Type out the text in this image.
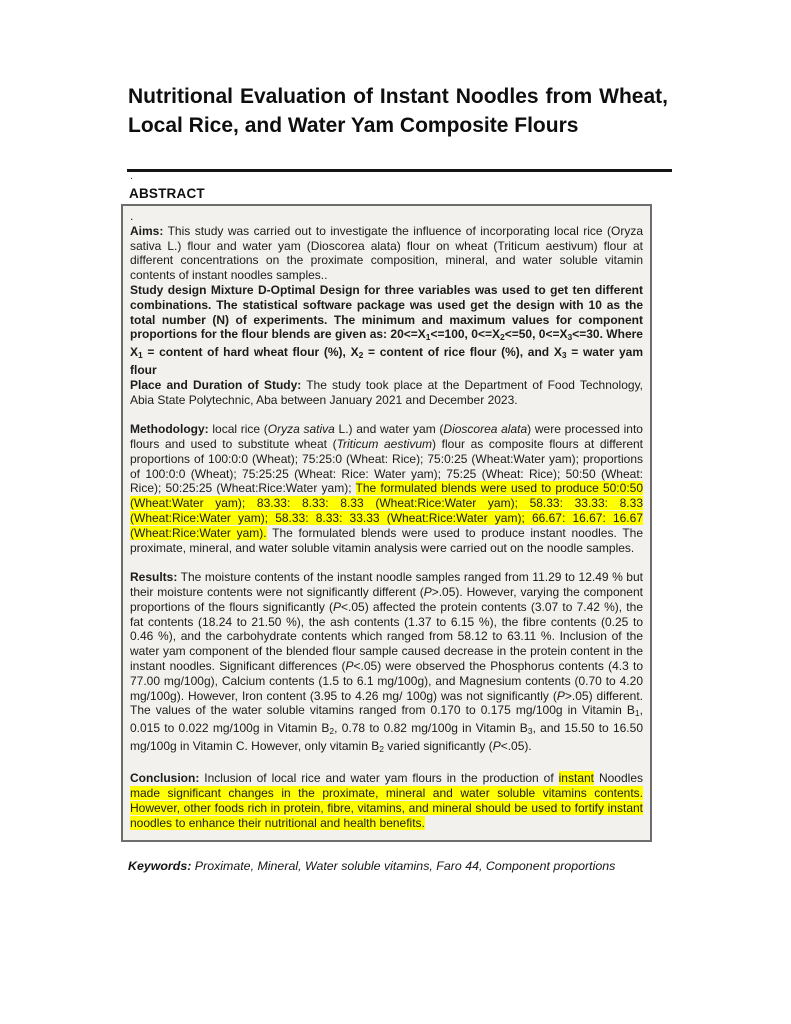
Nutritional Evaluation of Instant Noodles from Wheat, Local Rice, and Water Yam Composite Flours
.
ABSTRACT
.
Aims: This study was carried out to investigate the influence of incorporating local rice (Oryza sativa L.) flour and water yam (Dioscorea alata) flour on wheat (Triticum aestivum) flour at different concentrations on the proximate composition, mineral, and water soluble vitamin contents of instant noodles samples..
Study design Mixture D-Optimal Design for three variables was used to get ten different combinations. The statistical software package was used get the design with 10 as the total number (N) of experiments. The minimum and maximum values for component proportions for the flour blends are given as: 20<=X1<=100, 0<=X2<=50, 0<=X3<=30. Where X1 = content of hard wheat flour (%), X2 = content of rice flour (%), and X3 = water yam flour
Place and Duration of Study: The study took place at the Department of Food Technology, Abia State Polytechnic, Aba between January 2021 and December 2023.
Methodology: local rice (Oryza sativa L.) and water yam (Dioscorea alata) were processed into flours and used to substitute wheat (Triticum aestivum) flour as composite flours at different proportions of 100:0:0 (Wheat); 75:25:0 (Wheat: Rice); 75:0:25 (Wheat:Water yam); proportions of 100:0:0 (Wheat); 75:25:25 (Wheat: Rice: Water yam); 75:25 (Wheat: Rice); 50:50 (Wheat: Rice); 50:25:25 (Wheat:Rice:Water yam); The formulated blends were used to produce 50:0:50 (Wheat:Water yam); 83.33: 8.33: 8.33 (Wheat:Rice:Water yam); 58.33: 33.33: 8.33 (Wheat:Rice:Water yam); 58.33: 8.33: 33.33 (Wheat:Rice:Water yam); 66.67: 16.67: 16.67 (Wheat:Rice:Water yam). The formulated blends were used to produce instant noodles. The proximate, mineral, and water soluble vitamin analysis were carried out on the noodle samples.
Results: The moisture contents of the instant noodle samples ranged from 11.29 to 12.49 % but their moisture contents were not significantly different (P>.05). However, varying the component proportions of the flours significantly (P<.05) affected the protein contents (3.07 to 7.42 %), the fat contents (18.24 to 21.50 %), the ash contents (1.37 to 6.15 %), the fibre contents (0.25 to 0.46 %), and the carbohydrate contents which ranged from 58.12 to 63.11 %. Inclusion of the water yam component of the blended flour sample caused decrease in the protein content in the instant noodles. Significant differences (P<.05) were observed the Phosphorus contents (4.3 to 77.00 mg/100g), Calcium contents (1.5 to 6.1 mg/100g), and Magnesium contents (0.70 to 4.20 mg/100g). However, Iron content (3.95 to 4.26 mg/ 100g) was not significantly (P>.05) different. The values of the water soluble vitamins ranged from 0.170 to 0.175 mg/100g in Vitamin B1, 0.015 to 0.022 mg/100g in Vitamin B2, 0.78 to 0.82 mg/100g in Vitamin B3, and 15.50 to 16.50 mg/100g in Vitamin C. However, only vitamin B2 varied significantly (P<.05).
Conclusion: Inclusion of local rice and water yam flours in the production of instant Noodles made significant changes in the proximate, mineral and water soluble vitamins contents. However, other foods rich in protein, fibre, vitamins, and mineral should be used to fortify instant noodles to enhance their nutritional and health benefits.
Keywords: Proximate, Mineral, Water soluble vitamins, Faro 44, Component proportions
